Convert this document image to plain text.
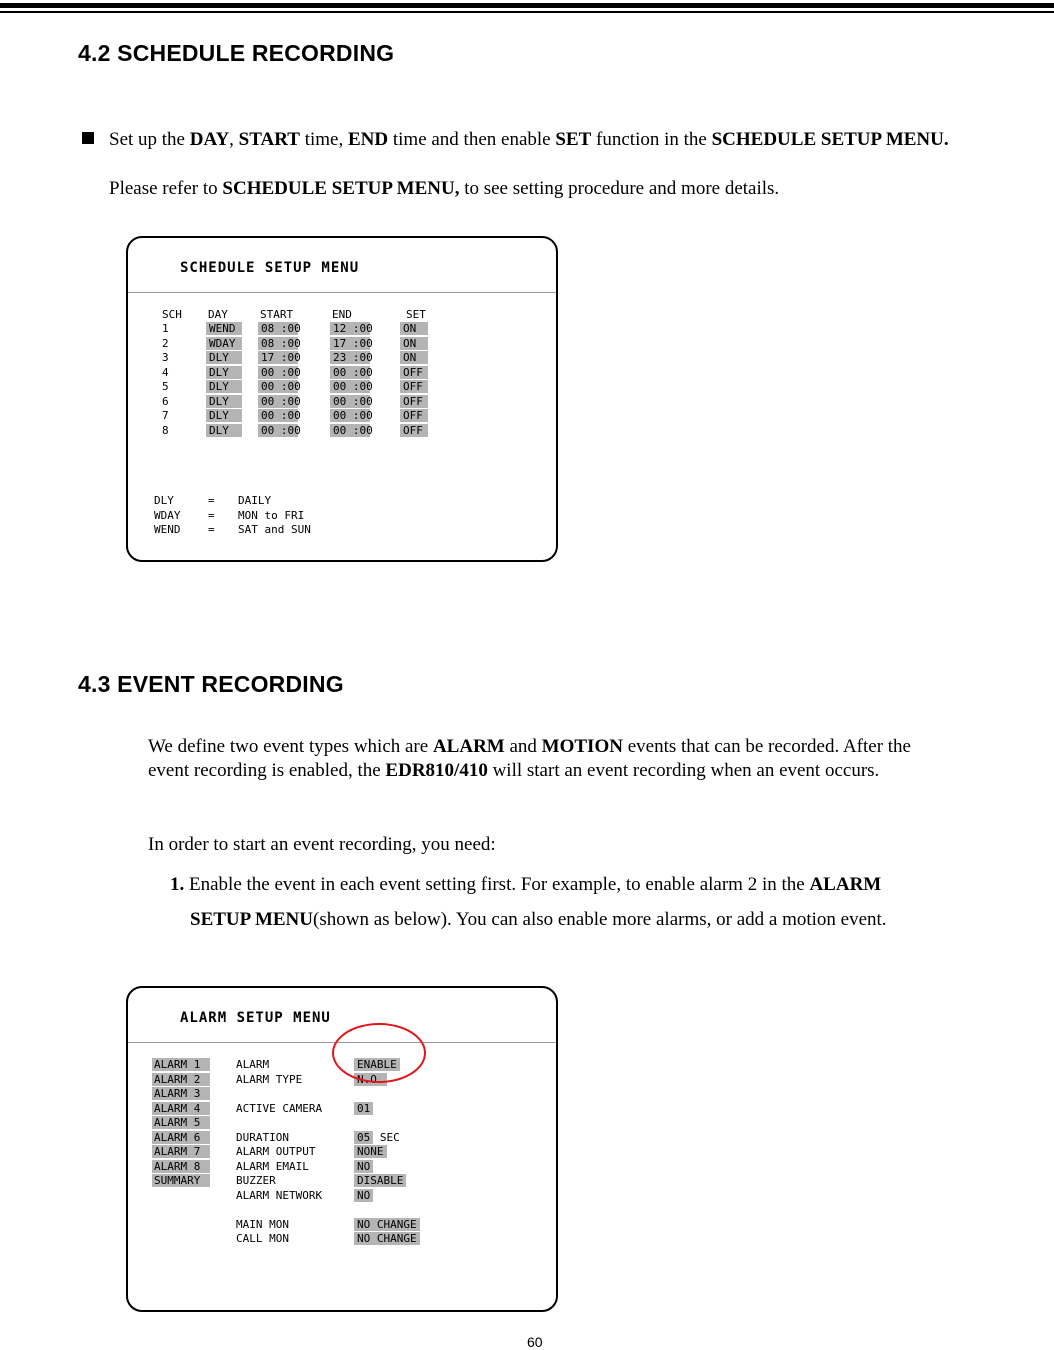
4.2 SCHEDULE RECORDING
Set up the DAY, START time, END time and then enable SET function in the SCHEDULE SETUP MENU.
Please refer to SCHEDULE SETUP MENU, to see setting procedure and more details.
SCHEDULE SETUP MENU
SCH DAY	START	END	SET
1	WEND	08 :00	12 :00	ON
2	WDAY	08 :00	17 :00	ON
3	DLY	17 :00	23 :00	ON
4	DLY	00 :00	00 :00	OFF
5	DLY	00 :00	00 :00	OFF
6	DLY	00 :00	00 :00	OFF
7	DLY	00 :00	00 :00	OFF
8	DLY	00 :00	00 :00	OFF
DLY	= DAILY
WDAY	= MON to FRI
WEND	= SAT and SUN
4.3 EVENT RECORDING
We define two event types which are ALARM and MOTION events that can be recorded. After the
event recording is enabled, the EDR810/410 will start an event recording when an event occurs.
In order to start an event recording, you need:
1. Enable the event in each event setting first. For example, to enable alarm 2 in the ALARM
SETUP MENU(shown as below). You can also enable more alarms, or add a motion event.
ALARM SETUP MENU
ALARM 1
ALARM 2
ALARM 3
ALARM 4
ALARM 5
ALARM 6
ALARM 7
ALARM 8
SUMMARY
ALARM	ENABLE
ALARM TYPE	N.O.
ACTIVE CAMERA	01
DURATION	05 SEC
ALARM OUTPUT	NONE
ALARM EMAIL	NO
BUZZER	DISABLE
ALARM NETWORK	NO
MAIN MON	NO CHANGE
CALL MON	NO CHANGE
60
